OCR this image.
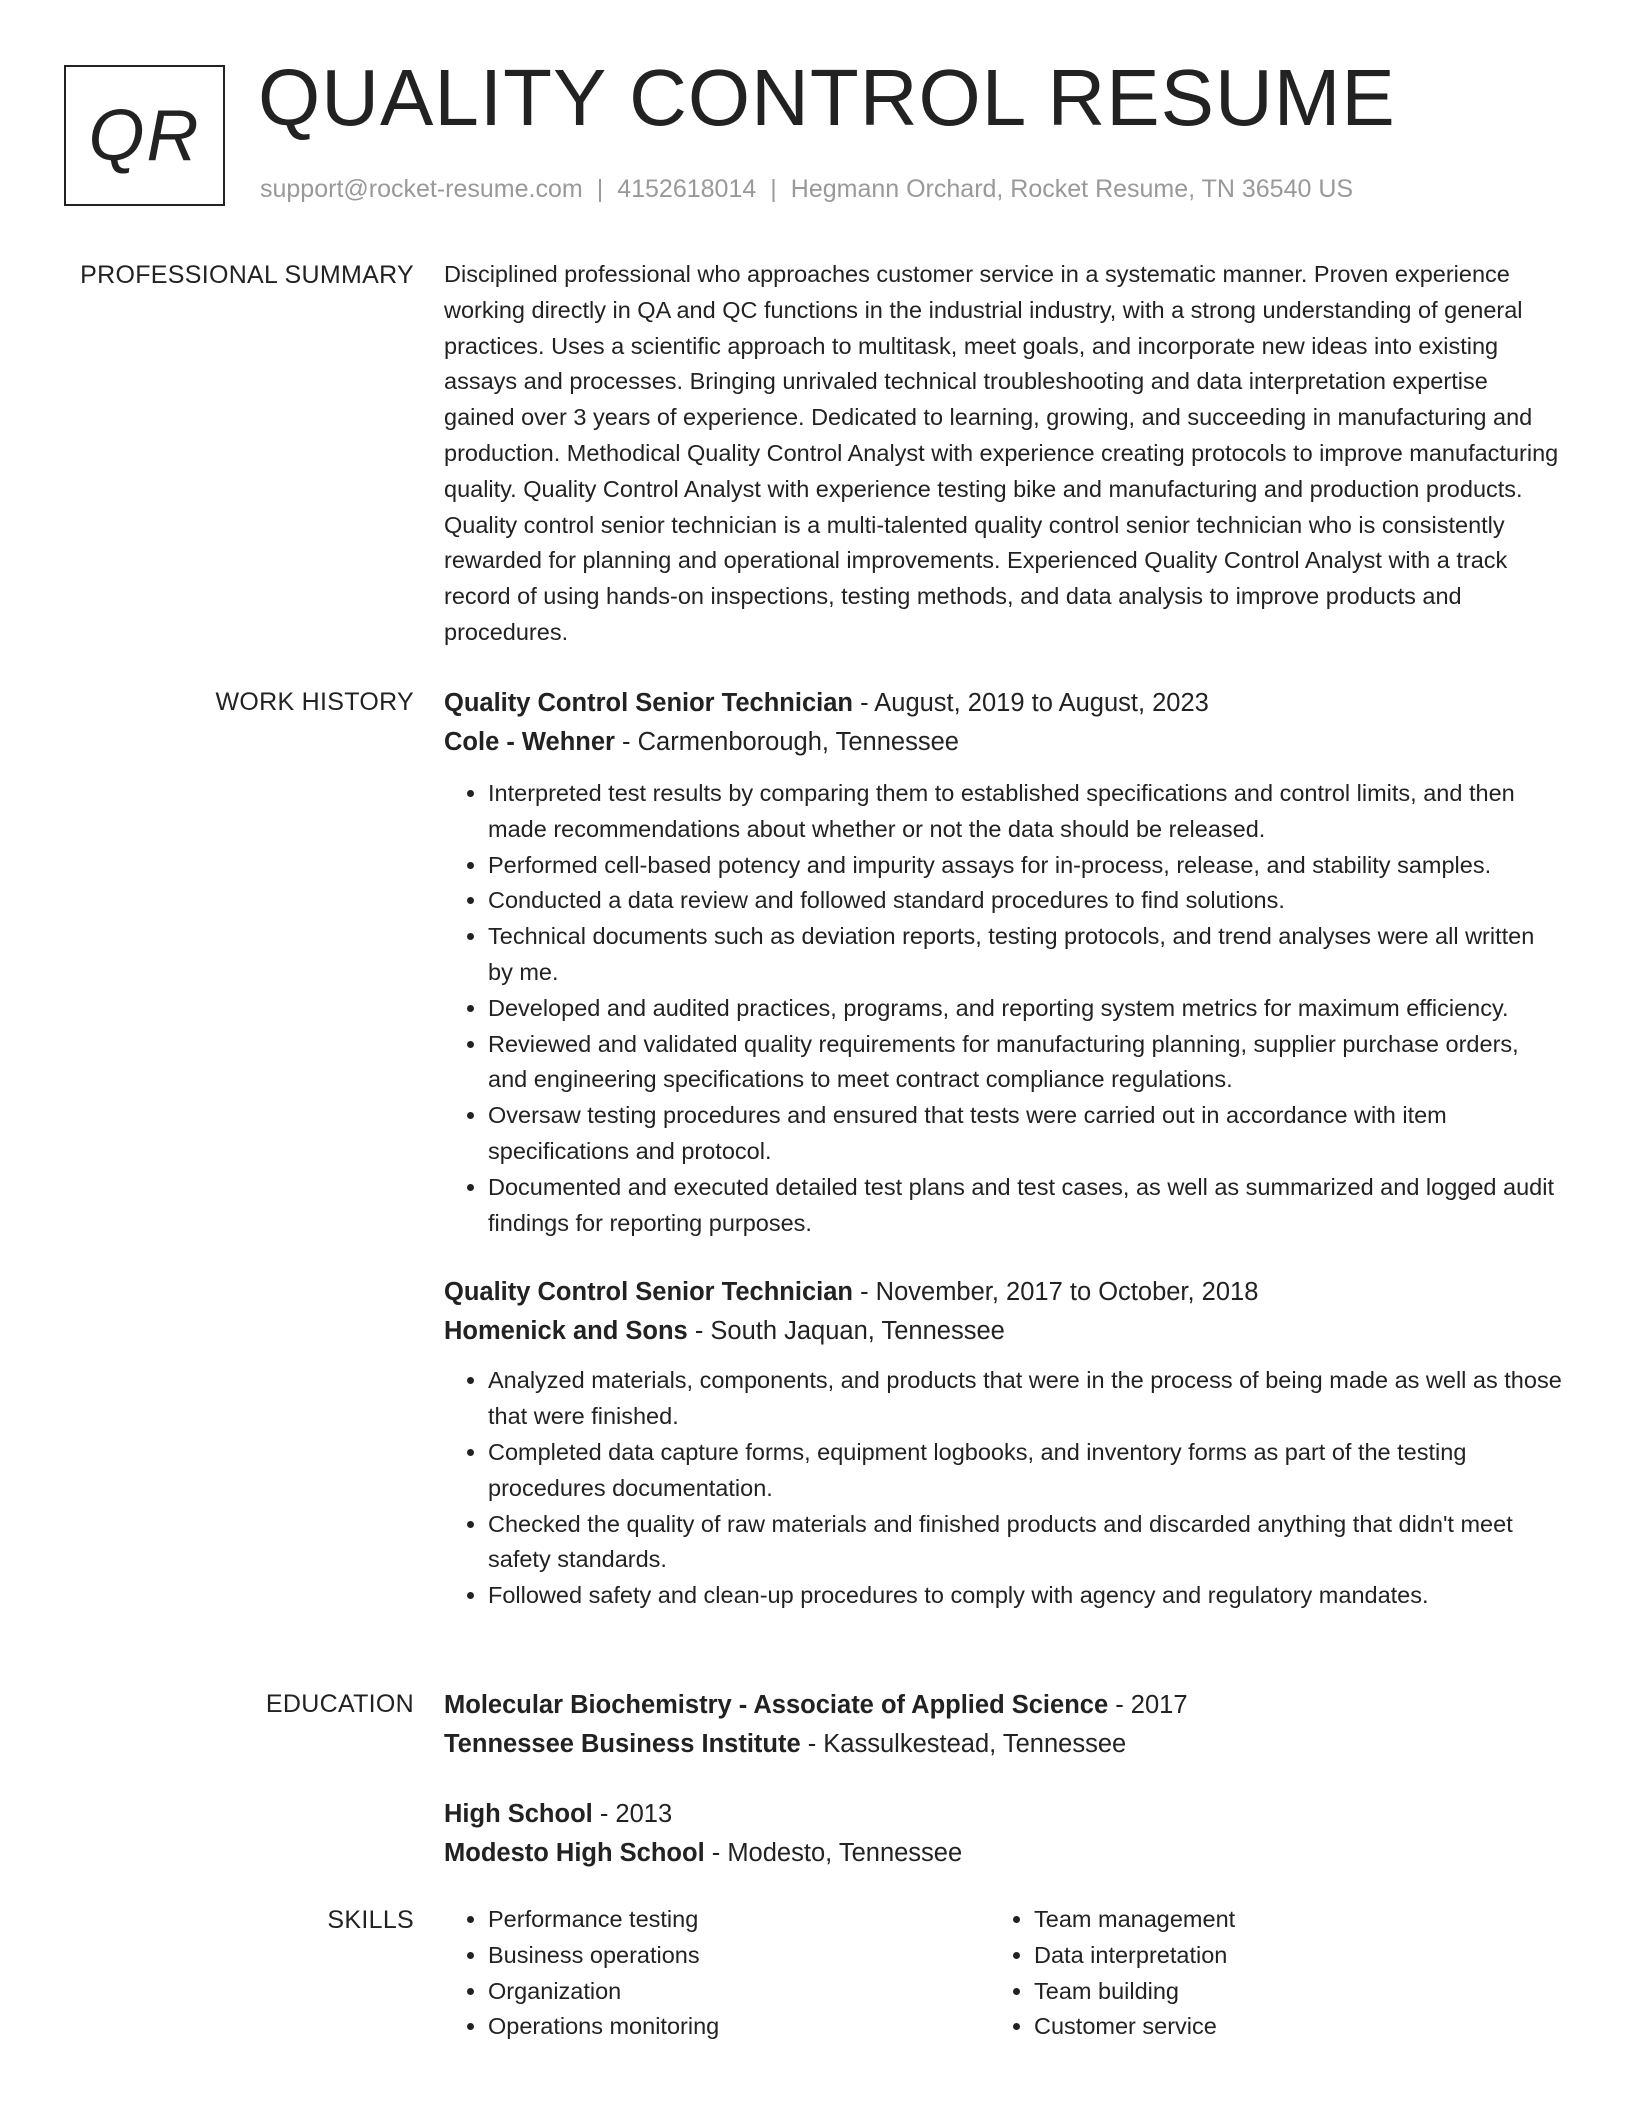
QR QUALITY CONTROL RESUME
support@rocket-resume.com | 4152618014 | Hegmann Orchard, Rocket Resume, TN 36540 US
PROFESSIONAL SUMMARY Disciplined professional who approaches customer service in a systematic manner. Proven experience working directly in QA and QC functions in the industrial industry, with a strong understanding of general practices. Uses a scientific approach to multitask, meet goals, and incorporate new ideas into existing assays and processes. Bringing unrivaled technical troubleshooting and data interpretation expertise gained over 3 years of experience. Dedicated to learning, growing, and succeeding in manufacturing and production. Methodical Quality Control Analyst with experience creating protocols to improve manufacturing quality. Quality Control Analyst with experience testing bike and manufacturing and production products. Quality control senior technician is a multi-talented quality control senior technician who is consistently rewarded for planning and operational improvements. Experienced Quality Control Analyst with a track record of using hands-on inspections, testing methods, and data analysis to improve products and procedures.

WORK HISTORY Quality Control Senior Technician - August, 2019 to August, 2023
Cole - Wehner - Carmenborough, Tennessee
• Interpreted test results by comparing them to established specifications and control limits, and then made recommendations about whether or not the data should be released.
• Performed cell-based potency and impurity assays for in-process, release, and stability samples.
• Conducted a data review and followed standard procedures to find solutions.
• Technical documents such as deviation reports, testing protocols, and trend analyses were all written by me.
• Developed and audited practices, programs, and reporting system metrics for maximum efficiency.
• Reviewed and validated quality requirements for manufacturing planning, supplier purchase orders, and engineering specifications to meet contract compliance regulations.
• Oversaw testing procedures and ensured that tests were carried out in accordance with item specifications and protocol.
• Documented and executed detailed test plans and test cases, as well as summarized and logged audit findings for reporting purposes.
Quality Control Senior Technician - November, 2017 to October, 2018
Homenick and Sons - South Jaquan, Tennessee
• Analyzed materials, components, and products that were in the process of being made as well as those that were finished.
• Completed data capture forms, equipment logbooks, and inventory forms as part of the testing procedures documentation.
• Checked the quality of raw materials and finished products and discarded anything that didn't meet safety standards.
• Followed safety and clean-up procedures to comply with agency and regulatory mandates.
EDUCATION Molecular Biochemistry - Associate of Applied Science - 2017
Tennessee Business Institute - Kassulkestead, Tennessee
High School - 2013
Modesto High School - Modesto, Tennessee
SKILLS
•	Performance testing
• Business operations
• Organization
• Operations monitoring
• Team management
• Data interpretation
• Team building
• Customer service
